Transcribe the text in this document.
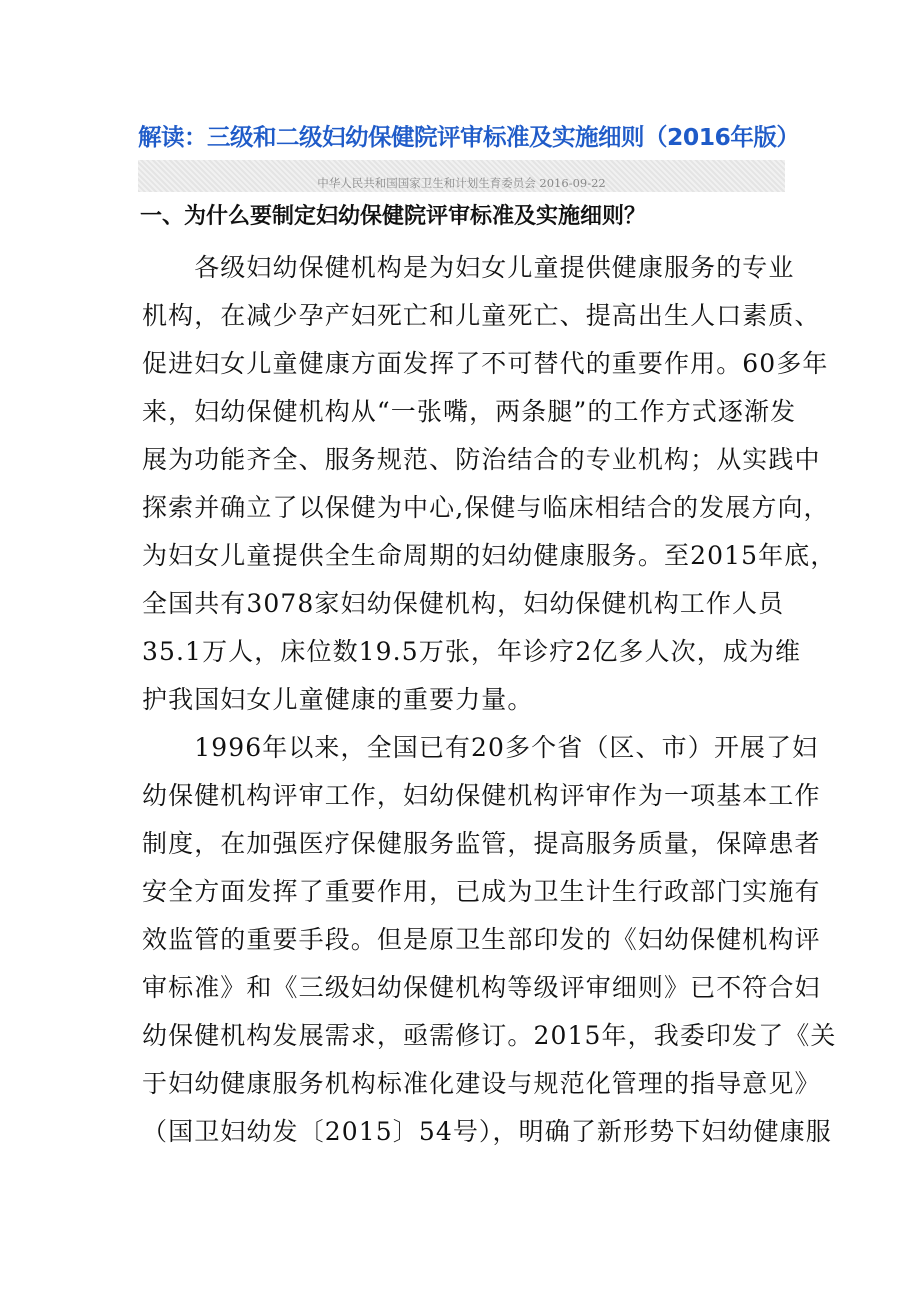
解读：三级和二级妇幼保健院评审标准及实施细则（2016年版）
中华人民共和国国家卫生和计划生育委员会 2016-09-22
一、为什么要制定妇幼保健院评审标准及实施细则？
　　各级妇幼保健机构是为妇女儿童提供健康服务的专业
机构，在减少孕产妇死亡和儿童死亡、提高出生人口素质、
促进妇女儿童健康方面发挥了不可替代的重要作用。60多年
来，妇幼保健机构从“一张嘴，两条腿”的工作方式逐渐发
展为功能齐全、服务规范、防治结合的专业机构；从实践中
探索并确立了以保健为中心,保健与临床相结合的发展方向，
为妇女儿童提供全生命周期的妇幼健康服务。至2015年底，
全国共有3078家妇幼保健机构，妇幼保健机构工作人员
35.1万人，床位数19.5万张，年诊疗2亿多人次，成为维
护我国妇女儿童健康的重要力量。
　　1996年以来，全国已有20多个省（区、市）开展了妇
幼保健机构评审工作，妇幼保健机构评审作为一项基本工作
制度，在加强医疗保健服务监管，提高服务质量，保障患者
安全方面发挥了重要作用，已成为卫生计生行政部门实施有
效监管的重要手段。但是原卫生部印发的《妇幼保健机构评
审标准》和《三级妇幼保健机构等级评审细则》已不符合妇
幼保健机构发展需求，亟需修订。2015年，我委印发了《关
于妇幼健康服务机构标准化建设与规范化管理的指导意见》
（国卫妇幼发〔2015〕54号），明确了新形势下妇幼健康服
